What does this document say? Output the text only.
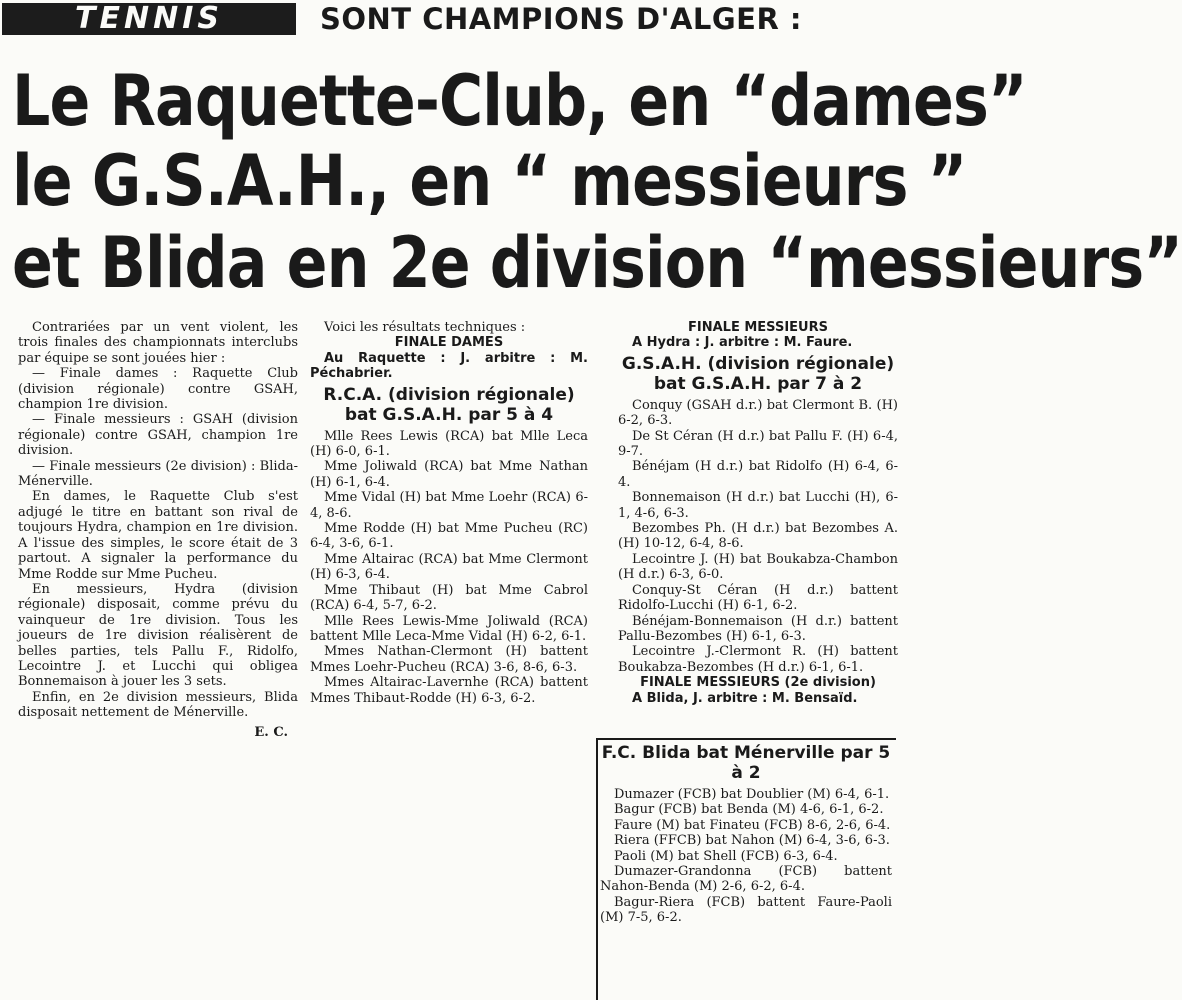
TENNIS	SONT CHAMPIONS D'ALGER :
Le Raquette-Club, en “dames”
le G.S.A.H., en “ messieurs ”
et Blida en 2e division “messieurs”

Contrariées par un vent violent, les trois finales des championnats interclubs par équipe se sont jouées hier :

— Finale dames : Raquette Club (division régionale) contre GSAH, champion 1re division.

— Finale messieurs : GSAH (division régionale) contre GSAH, champion 1re division.

— Finale messieurs (2e division) : Blida-Ménerville.

En dames, le Raquette Club s'est adjugé le titre en battant son rival de toujours Hydra, champion en 1re division. A l'issue des simples, le score était de 3 partout. A signaler la performance du Mme Rodde sur Mme Pucheu.

En messieurs, Hydra (division régionale) disposait, comme prévu du vainqueur de 1re division. Tous les joueurs de 1re division réalisèrent de belles parties, tels Pallu F., Ridolfo, Lecointre J. et Lucchi qui obligea Bonnemaison à jouer les 3 sets.

Enfin, en 2e division messieurs, Blida disposait nettement de Ménerville.

E. C.

Voici les résultats techniques :

FINALE DAMES

Au Raquette : J. arbitre : M. Péchabrier.

R.C.A. (division régionale) bat G.S.A.H. par 5 à 4

Mlle Rees Lewis (RCA) bat Mlle Leca (H) 6-0, 6-1.

Mme Joliwald (RCA) bat Mme Nathan (H) 6-1, 6-4.

Mme Vidal (H) bat Mme Loehr (RCA) 6-4, 8-6.

Mme Rodde (H) bat Mme Pucheu (RC) 6-4, 3-6, 6-1.

Mme Altairac (RCA) bat Mme Clermont (H) 6-3, 6-4.

Mme Thibaut (H) bat Mme Cabrol (RCA) 6-4, 5-7, 6-2.

Mlle Rees Lewis-Mme Joliwald (RCA) battent Mlle Leca-Mme Vidal (H) 6-2, 6-1.

Mmes Nathan-Clermont (H) battent Mmes Loehr-Pucheu (RCA) 3-6, 8-6, 6-3.

Mmes Altairac-Lavernhe (RCA) battent Mmes Thibaut-Rodde (H) 6-3, 6-2.

FINALE MESSIEURS

A Hydra : J. arbitre : M. Faure.

G.S.A.H. (division régionale) bat G.S.A.H. par 7 à 2

Conquy (GSAH d.r.) bat Clermont B. (H) 6-2, 6-3.

De St Céran (H d.r.) bat Pallu F. (H) 6-4, 9-7.

Bénéjam (H d.r.) bat Ridolfo (H) 6-4, 6-4.

Bonnemaison (H d.r.) bat Lucchi (H), 6-1, 4-6, 6-3.

Bezombes Ph. (H d.r.) bat Bezombes A. (H) 10-12, 6-4, 8-6.

Lecointre J. (H) bat Boukabza-Chambon (H d.r.) 6-3, 6-0.

Conquy-St Céran (H d.r.) battent Ridolfo-Lucchi (H) 6-1, 6-2.

Bénéjam-Bonnemaison (H d.r.) battent Pallu-Bezombes (H) 6-1, 6-3.

Lecointre J.-Clermont R. (H) battent Boukabza-Bezombes (H d.r.) 6-1, 6-1.

FINALE MESSIEURS (2e division)

A Blida, J. arbitre : M. Bensaïd.

F.C. Blida bat Ménerville par 5 à 2

Dumazer (FCB) bat Doublier (M) 6-4, 6-1.

Bagur (FCB) bat Benda (M) 4-6, 6-1, 6-2.

Faure (M) bat Finateu (FCB) 8-6, 2-6, 6-4.

Riera (FFCB) bat Nahon (M) 6-4, 3-6, 6-3.

Paoli (M) bat Shell (FCB) 6-3, 6-4.

Dumazer-Grandonna (FCB) battent Nahon-Benda (M) 2-6, 6-2, 6-4.

Bagur-Riera (FCB) battent Faure-Paoli (M) 7-5, 6-2.
